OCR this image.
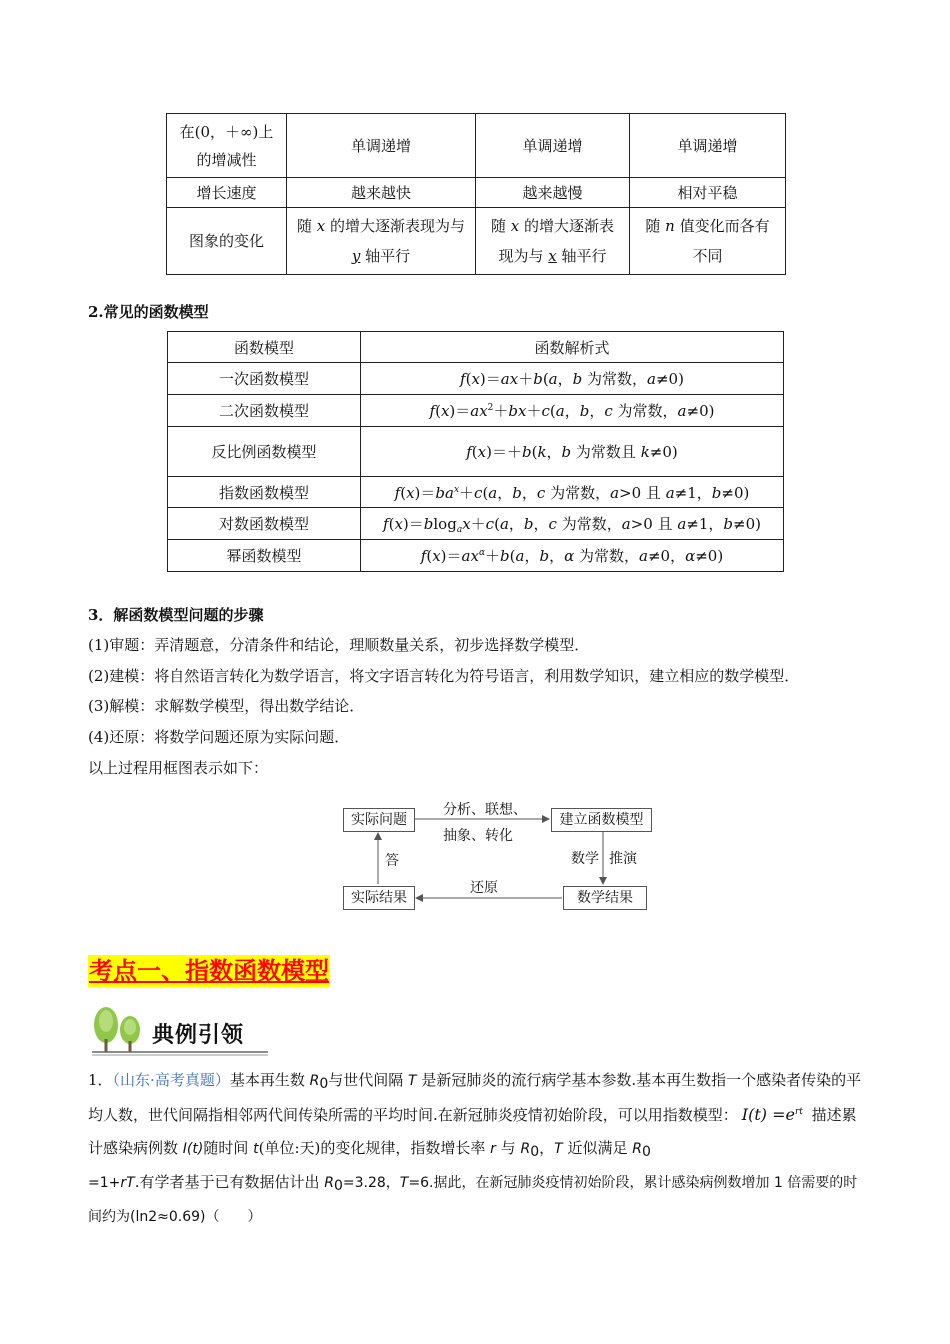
在(0，＋∞)上的增减性	单调递增	单调递增	单调递增
增长速度	越来越快	越来越慢	相对平稳
图象的变化	随 x 的增大逐渐表现为与 y 轴平行	随 x 的增大逐渐表现为与 x 轴平行	随 n 值变化而各有不同
2.常见的函数模型
函数模型	函数解析式
一次函数模型	f(x)＝ax＋b(a，b 为常数，a≠0)
二次函数模型	$f(x)=ax^2+bx+c(a$，b，c 为常数，a≠0)
反比例函数模型	f(x)＝＋b(k，b 为常数且 k≠0)
指数函数模型	$f(x)=ba^x+c(a$，b，c 为常数，a>0 且 a≠1，b≠0)
对数函数模型	f(x)＝blog$_a$x＋c(a，b，c 为常数，a>0 且 a≠1，b≠0)
幂函数模型	$f(x)=ax^\alpha+b(a$，b，α 为常数，a≠0，α≠0)
3．解函数模型问题的步骤
(1)审题：弄清题意，分清条件和结论，理顺数量关系，初步选择数学模型．
(2)建模：将自然语言转化为数学语言，将文字语言转化为符号语言，利用数学知识，建立相应的数学模型．
(3)解模：求解数学模型，得出数学结论．
(4)还原：将数学问题还原为实际问题．
以上过程用框图表示如下：
实际问题	建立函数模型
实际结果	数学结果
分析、联想、
抽象、转化
数学 推演
还原
答
考点一、指数函数模型
典例引领
1．（山东·高考真题）基本再生数 $R_0$与世代间隔 T 是新冠肺炎的流行病学基本参数.基本再生数指一个感染者传染的平均人数，世代间隔指相邻两代间传染所需的平均时间.在新冠肺炎疫情初始阶段，可以用指数模型： $I(t) =e^{rt}$ 描述累计感染病例数 I(t)随时间 t(单位:天)的变化规律，指数增长率 r 与 $R_0$，T 近似满足 $R_0$
=1+rT.有学者基于已有数据估计出 $R_0=3.28$，T=6.据此，在新冠肺炎疫情初始阶段，累计感染病例数增加 1 倍需要的时间约为(ln2≈0.69)（　　）
